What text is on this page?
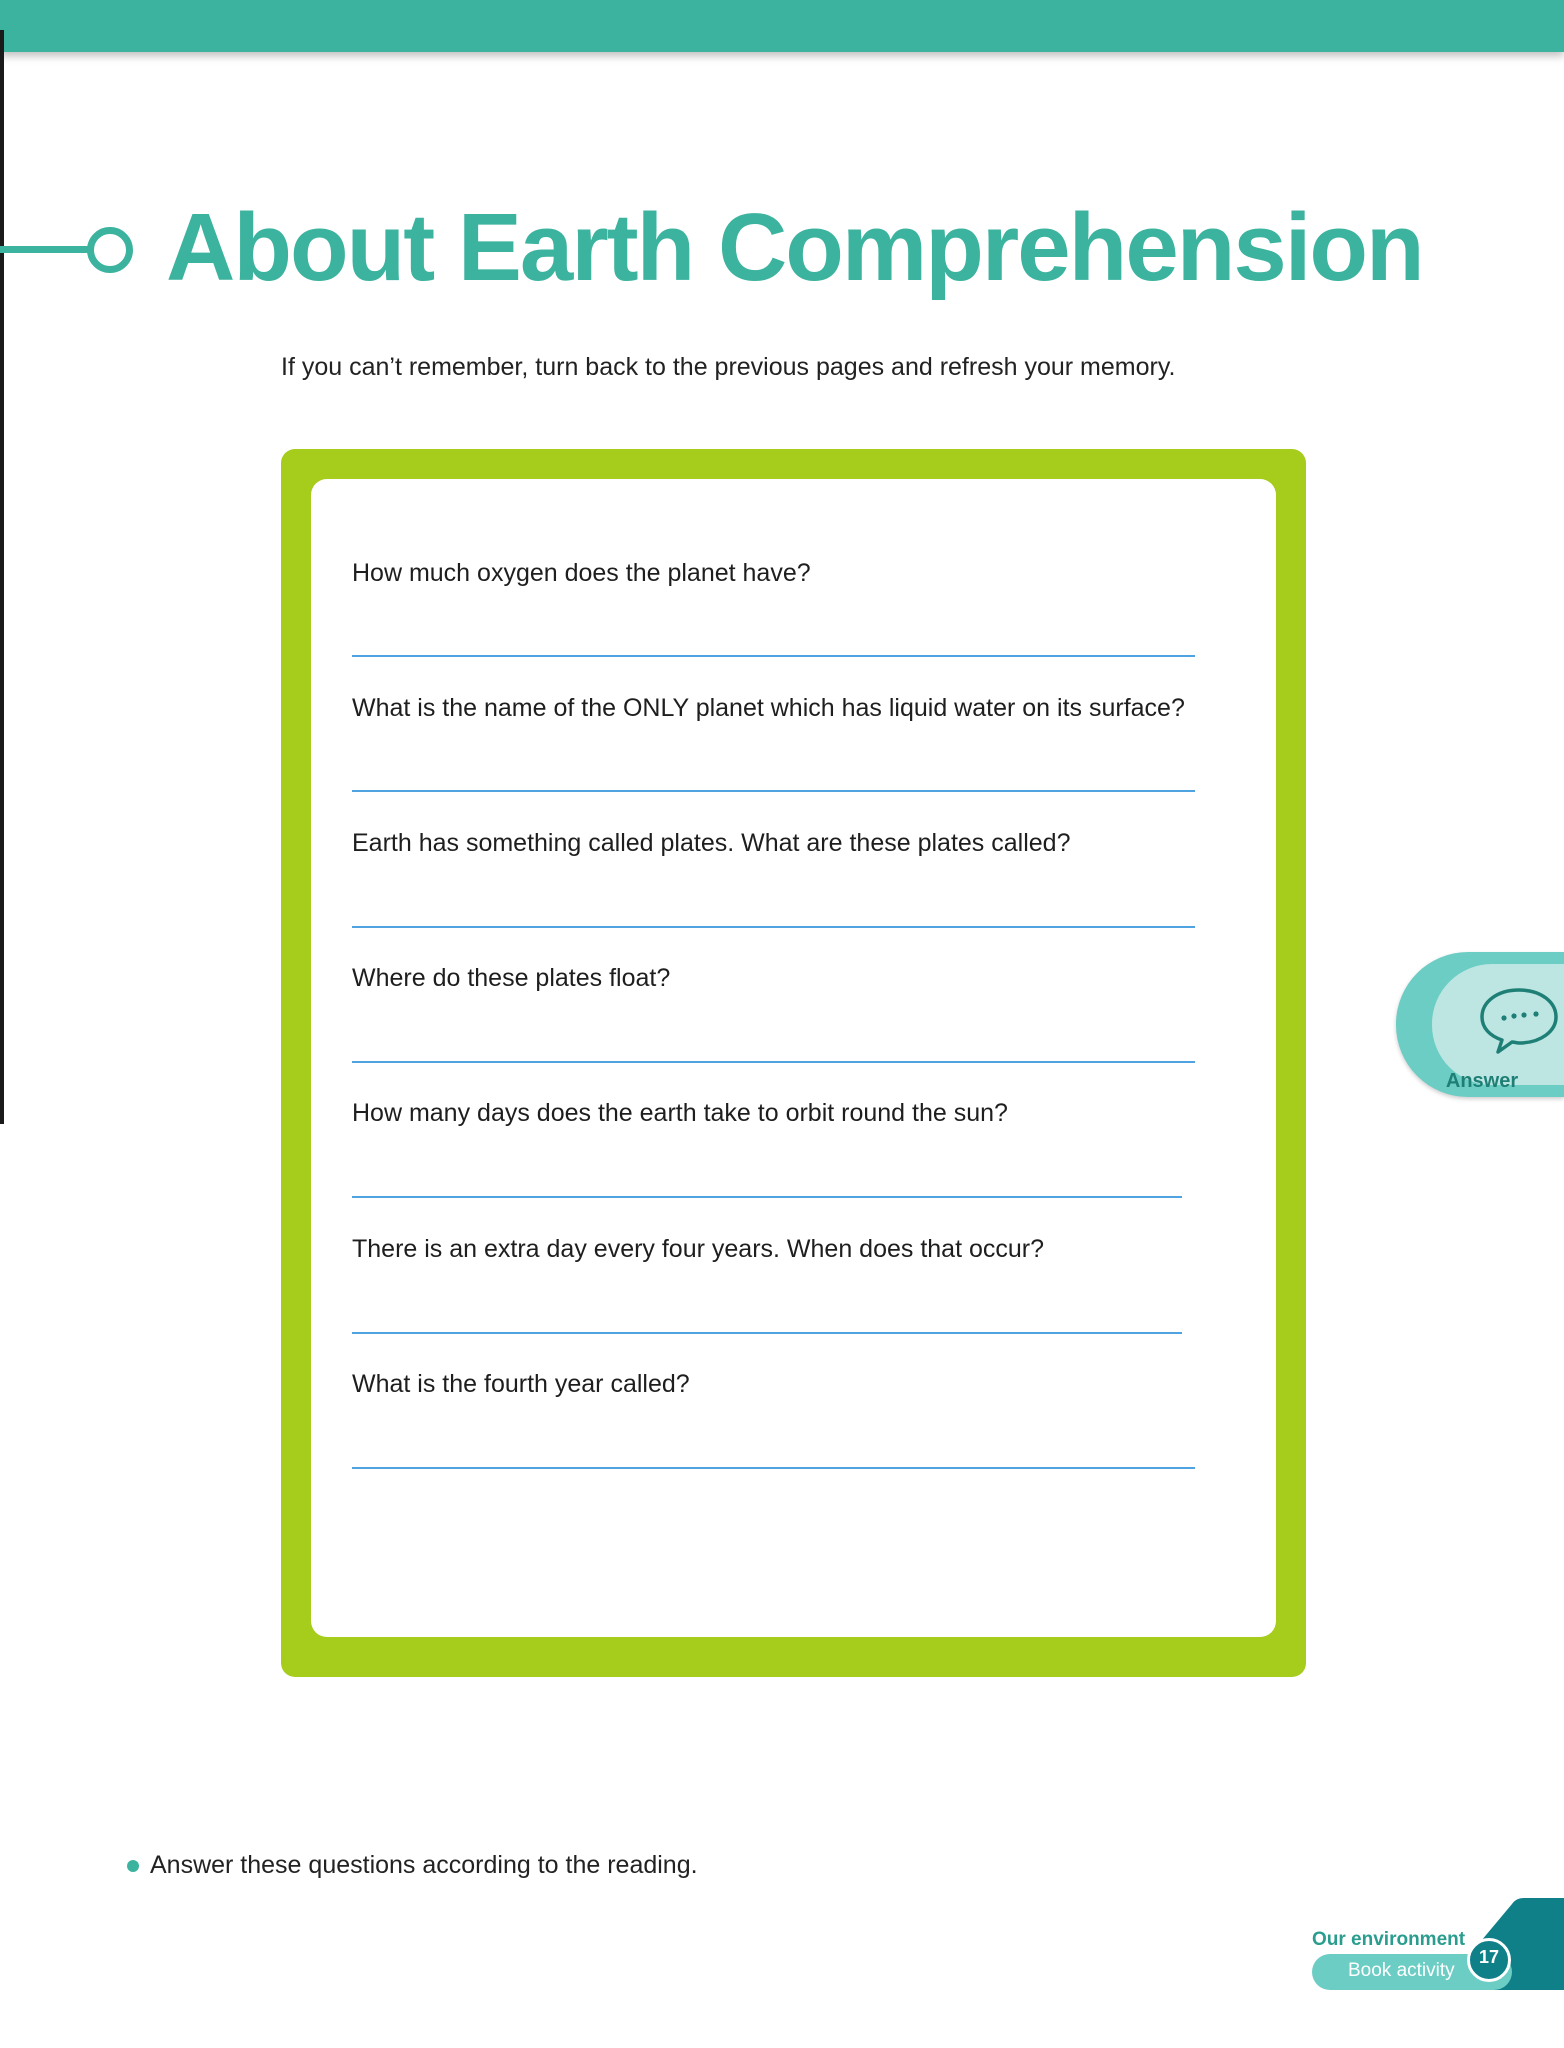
About Earth Comprehension
If you can’t remember, turn back to the previous pages and refresh your memory.
How much oxygen does the planet have?
What is the name of the ONLY planet which has liquid water on its surface?
Earth has something called plates. What are these plates called?
Where do these plates float?
How many days does the earth take to orbit round the sun?
There is an extra day every four years. When does that occur?
What is the fourth year called?
Answer
Answer these questions according to the reading.
Our environment
Book activity
17
